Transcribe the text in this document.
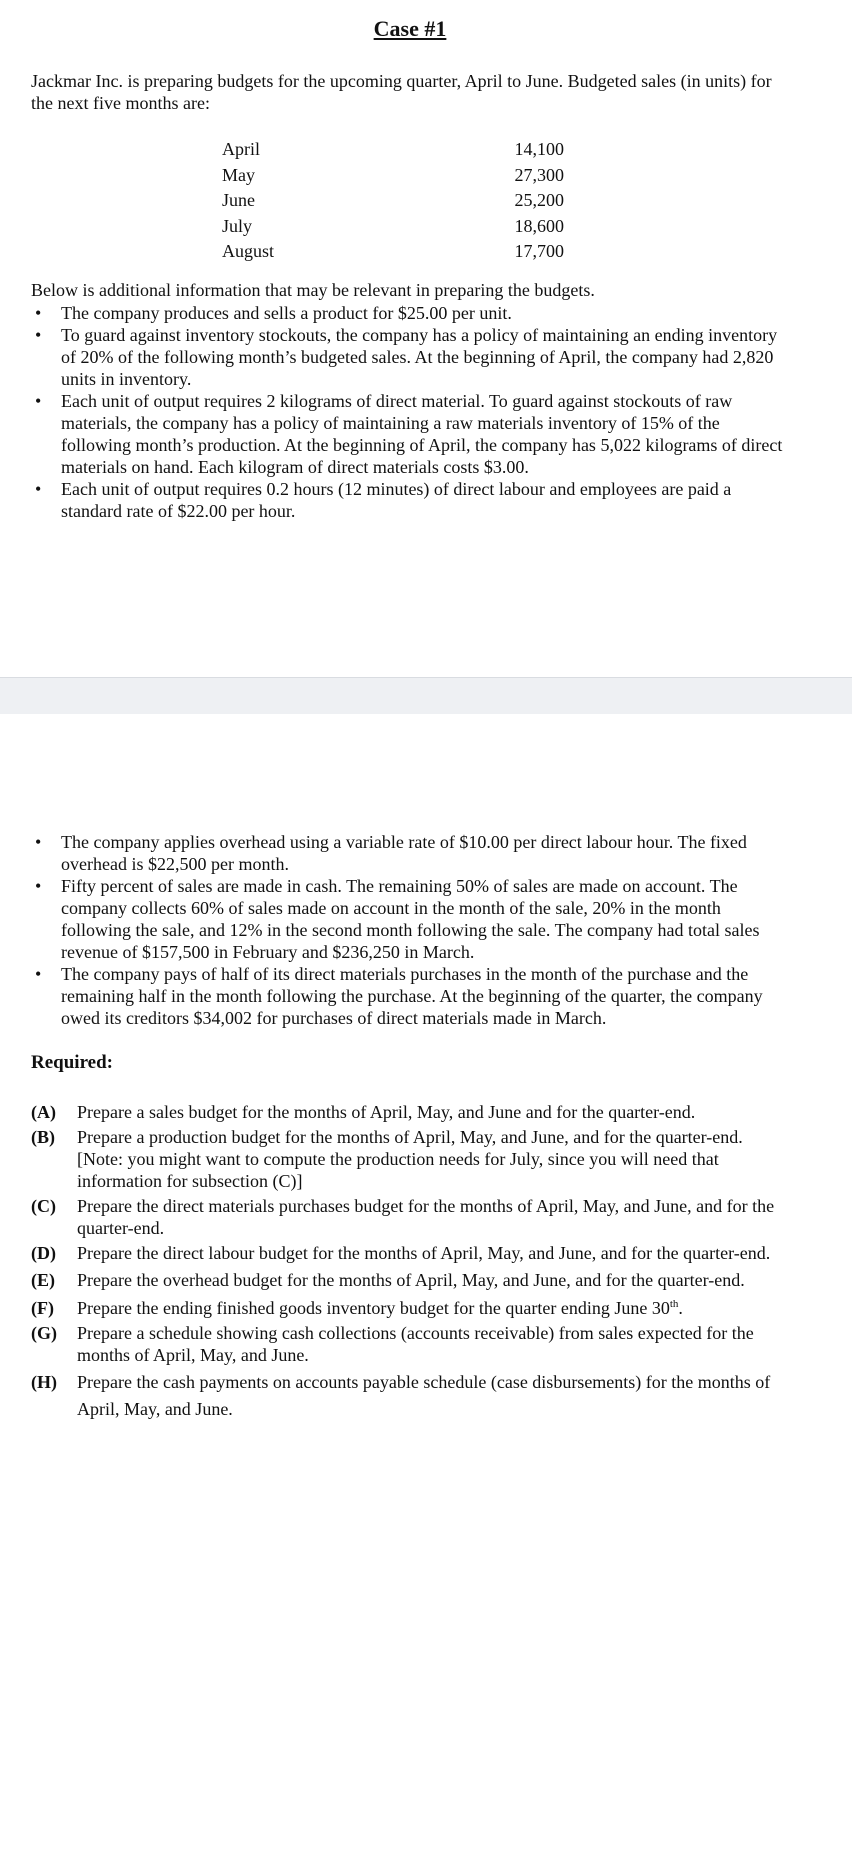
Case #1

Jackmar Inc. is preparing budgets for the upcoming quarter, April to June. Budgeted sales (in units) for the next five months are:

April	14,100
May	27,300
June	25,200
July	18,600
August	17,700

Below is additional information that may be relevant in preparing the budgets.

• The company produces and sells a product for $25.00 per unit.
• To guard against inventory stockouts, the company has a policy of maintaining an ending inventory of 20% of the following month’s budgeted sales. At the beginning of April, the company had 2,820 units in inventory.
• Each unit of output requires 2 kilograms of direct material. To guard against stockouts of raw materials, the company has a policy of maintaining a raw materials inventory of 15% of the following month’s production. At the beginning of April, the company has 5,022 kilograms of direct materials on hand. Each kilogram of direct materials costs $3.00.
• Each unit of output requires 0.2 hours (12 minutes) of direct labour and employees are paid a standard rate of $22.00 per hour.
• The company applies overhead using a variable rate of $10.00 per direct labour hour. The fixed overhead is $22,500 per month.
• Fifty percent of sales are made in cash. The remaining 50% of sales are made on account. The company collects 60% of sales made on account in the month of the sale, 20% in the month following the sale, and 12% in the second month following the sale. The company had total sales revenue of $157,500 in February and $236,250 in March.
• The company pays of half of its direct materials purchases in the month of the purchase and the remaining half in the month following the purchase. At the beginning of the quarter, the company owed its creditors $34,002 for purchases of direct materials made in March.
Required:
(A) Prepare a sales budget for the months of April, May, and June and for the quarter-end.
(B) Prepare a production budget for the months of April, May, and June, and for the quarter-end. [Note: you might want to compute the production needs for July, since you will need that information for subsection (C)]
(C) Prepare the direct materials purchases budget for the months of April, May, and June, and for the quarter-end.
(D) Prepare the direct labour budget for the months of April, May, and June, and for the quarter-end.
(E) Prepare the overhead budget for the months of April, May, and June, and for the quarter-end.
(F) Prepare the ending finished goods inventory budget for the quarter ending June 30th.
(G) Prepare a schedule showing cash collections (accounts receivable) from sales expected for the months of April, May, and June.
(H) Prepare the cash payments on accounts payable schedule (case disbursements) for the months of April, May, and June.
